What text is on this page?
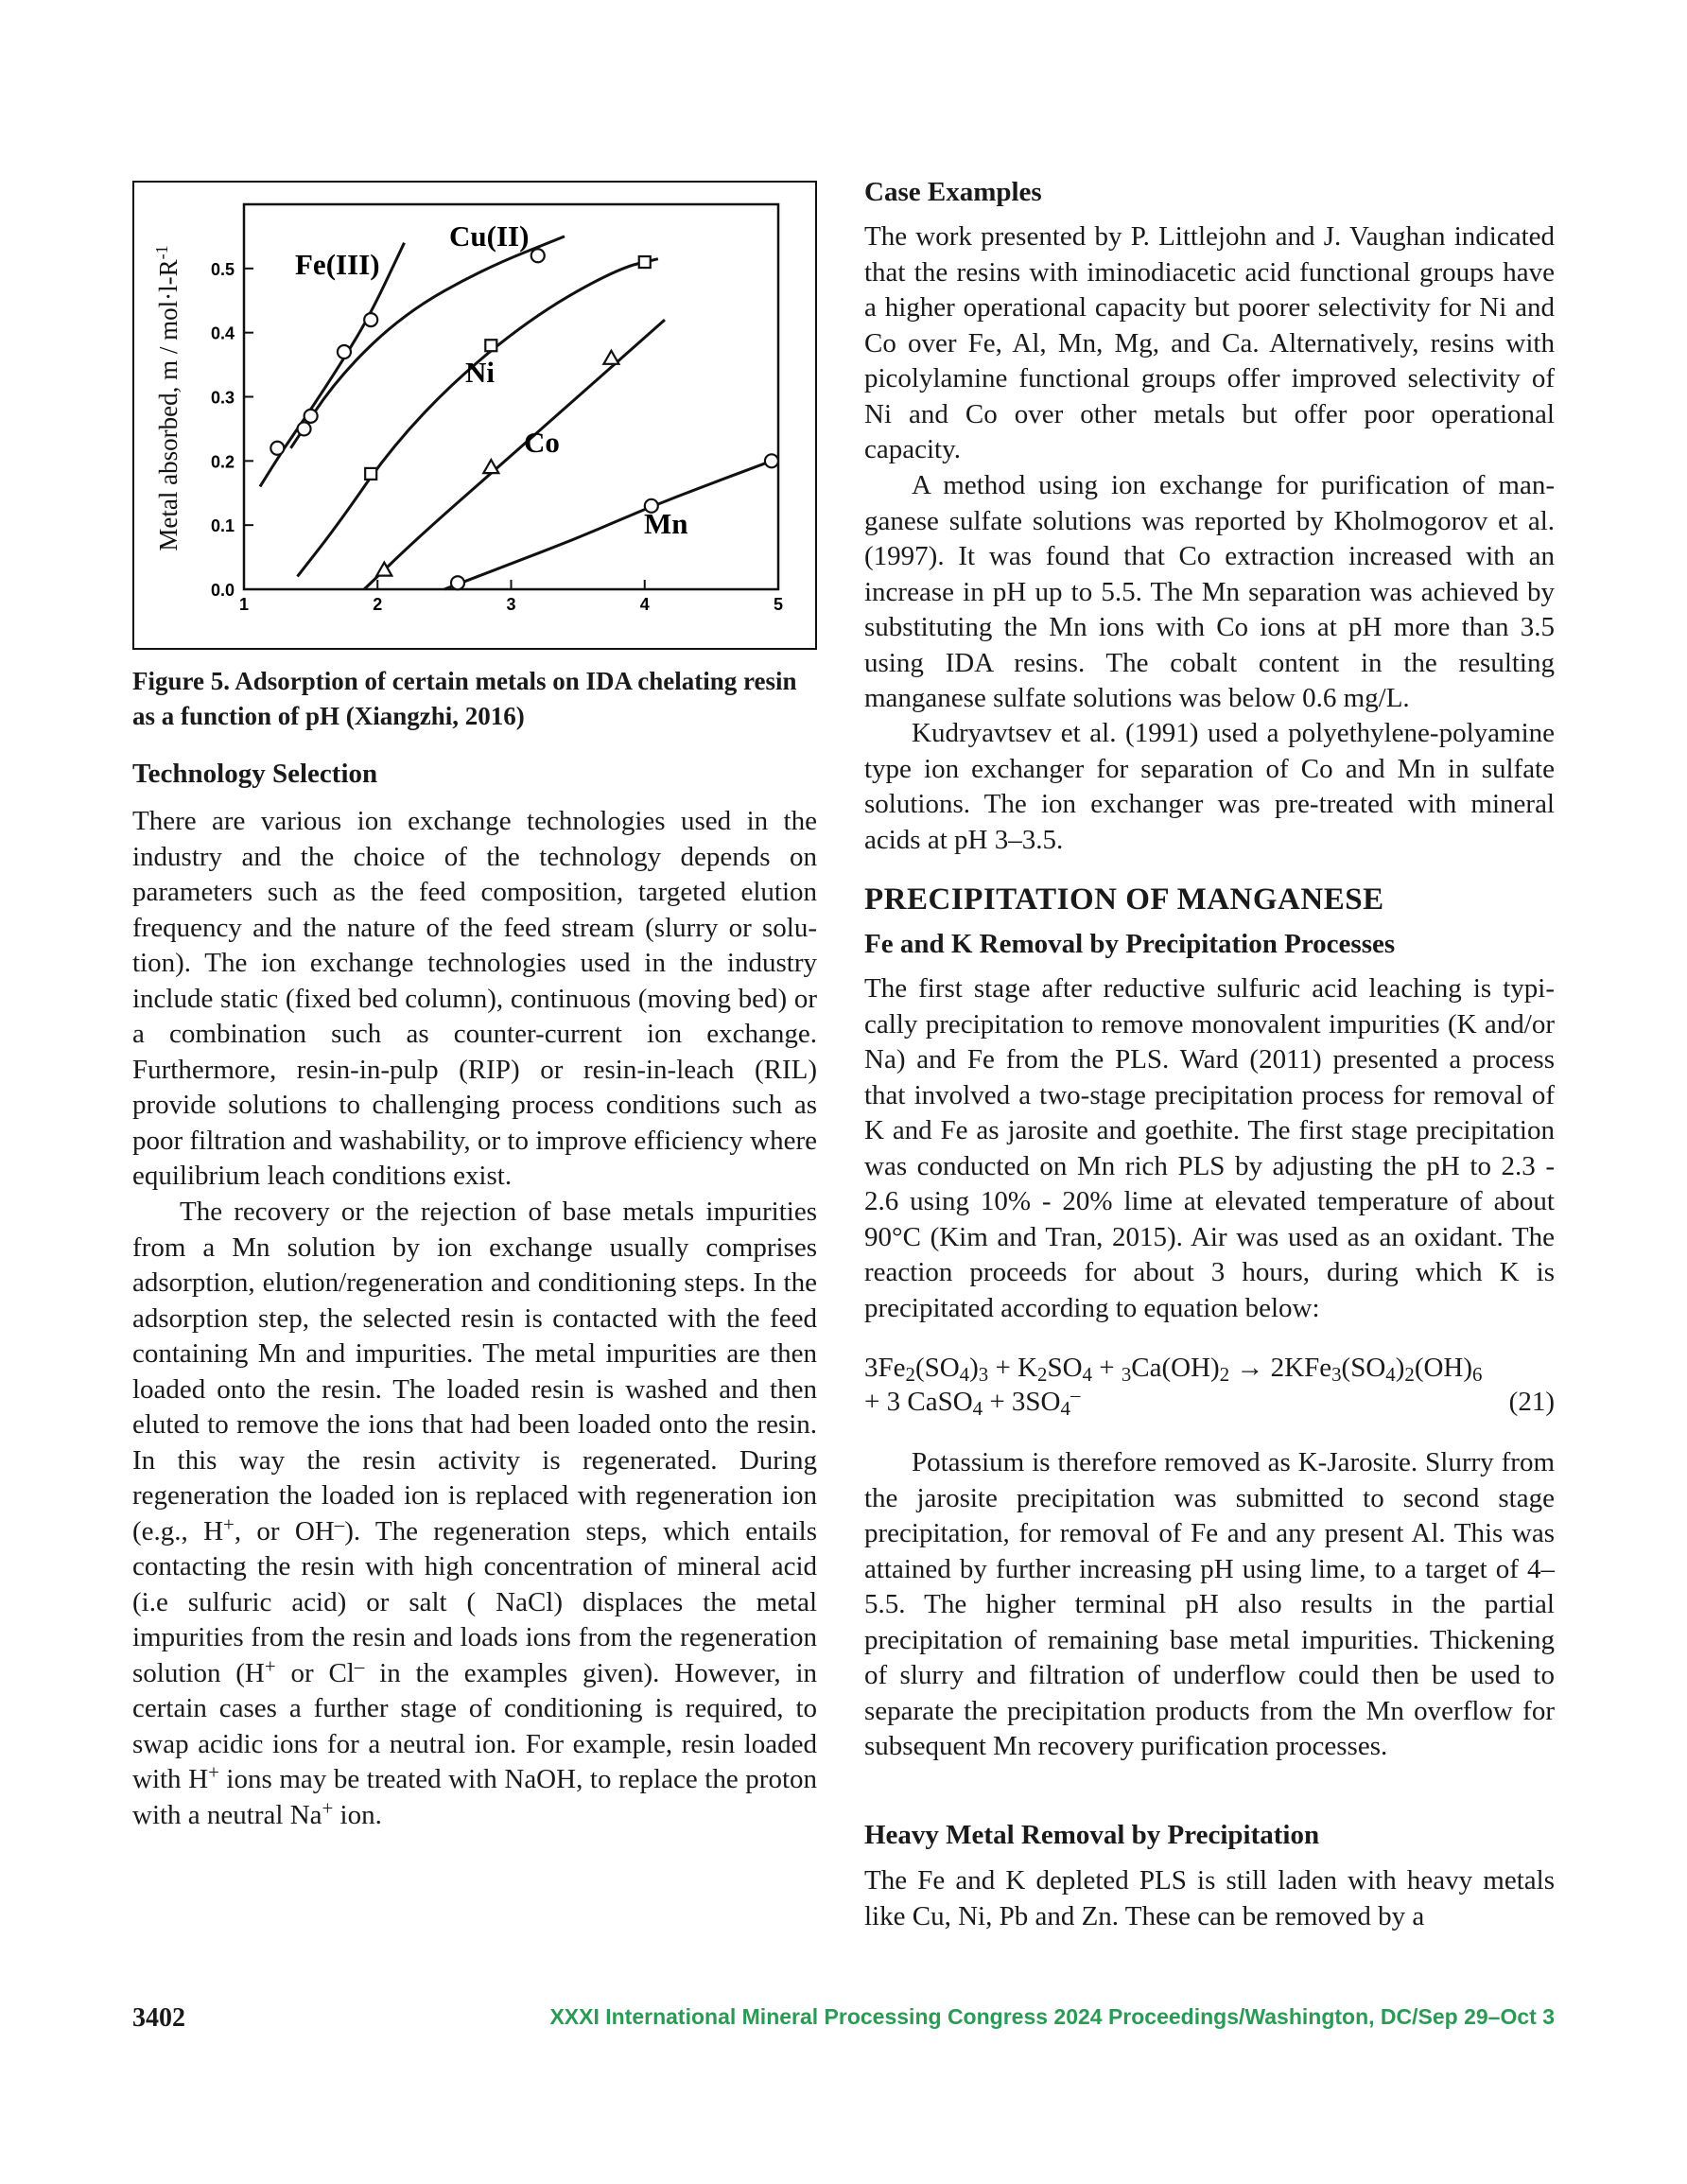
1	2	3	4	5
0.0
0.1
0.2
0.3
0.4
0.5
Metal absorbed, $m / mol\cdot l-R^{-1}$	Fe(III)
Cu(II)
Ni
Co
Mn

Figure 5. Adsorption of certain metals on IDA chelating resin as a function of pH (Xiangzhi, 2016)

Technology Selection

There are various ion exchange technologies used in the industry and the choice of the technology depends on parameters such as the feed composition, targeted elution frequency and the nature of the feed stream (slurry or solution). The ion exchange technologies used in the industry include static (fixed bed column), continuous (moving bed) or a combination such as counter-current ion exchange. Furthermore, resin-in-pulp (RIP) or resin-in-leach (RIL) provide solutions to challenging process conditions such as poor filtration and washability, or to improve efficiency where equilibrium leach conditions exist.

The recovery or the rejection of base metals impurities from a Mn solution by ion exchange usually comprises adsorption, elution/regeneration and conditioning steps. In the adsorption step, the selected resin is contacted with the feed containing Mn and impurities. The metal impurities are then loaded onto the resin. The loaded resin is washed and then eluted to remove the ions that had been loaded onto the resin. In this way the resin activity is regenerated. During regeneration the loaded ion is replaced with regeneration ion (e.g., H+, or OH–). The regeneration steps, which entails contacting the resin with high concentration of mineral acid (i.e sulfuric acid) or salt ( NaCl) displaces the metal impurities from the resin and loads ions from the regeneration solution (H+ or Cl– in the examples given). However, in certain cases a further stage of conditioning is required, to swap acidic ions for a neutral ion. For example, resin loaded with H+ ions may be treated with NaOH, to replace the proton with a neutral Na+ ion.

Case Examples

The work presented by P. Littlejohn and J. Vaughan indicated that the resins with iminodiacetic acid functional groups have a higher operational capacity but poorer selectivity for Ni and Co over Fe, Al, Mn, Mg, and Ca. Alternatively, resins with picolylamine functional groups offer improved selectivity of Ni and Co over other metals but offer poor operational capacity.

A method using ion exchange for purification of manganese sulfate solutions was reported by Kholmogorov et al. (1997). It was found that Co extraction increased with an increase in pH up to 5.5. The Mn separation was achieved by substituting the Mn ions with Co ions at pH more than 3.5 using IDA resins. The cobalt content in the resulting manganese sulfate solutions was below 0.6 mg/L.

Kudryavtsev et al. (1991) used a polyethylene-polyamine type ion exchanger for separation of Co and Mn in sulfate solutions. The ion exchanger was pre-treated with mineral acids at pH 3–3.5.

PRECIPITATION OF MANGANESE
Fe and K Removal by Precipitation Processes

The first stage after reductive sulfuric acid leaching is typically precipitation to remove monovalent impurities (K and/or Na) and Fe from the PLS. Ward (2011) presented a process that involved a two-stage precipitation process for removal of K and Fe as jarosite and goethite. The first stage precipitation was conducted on Mn rich PLS by adjusting the pH to 2.3 - 2.6 using 10% - 20% lime at elevated temperature of about 90°C (Kim and Tran, 2015). Air was used as an oxidant. The reaction proceeds for about 3 hours, during which K is precipitated according to equation below:

$3Fe_2(SO_4)_3 + K_2SO_4 + _3Ca(OH)_2 \to 2KFe_3(SO_4)_2(OH)_6$
+ 3 CaSO$_4$ + $3SO_4^-$	(21)

Potassium is therefore removed as K-Jarosite. Slurry from the jarosite precipitation was submitted to second stage precipitation, for removal of Fe and any present Al. This was attained by further increasing pH using lime, to a target of 4–5.5. The higher terminal pH also results in the partial precipitation of remaining base metal impurities. Thickening of slurry and filtration of underflow could then be used to separate the precipitation products from the Mn overflow for subsequent Mn recovery purification processes.

Heavy Metal Removal by Precipitation

The Fe and K depleted PLS is still laden with heavy metals like Cu, Ni, Pb and Zn. These can be removed by a

3402	XXXI International Mineral Processing Congress 2024 Proceedings/Washington, DC/Sep 29–Oct 3
